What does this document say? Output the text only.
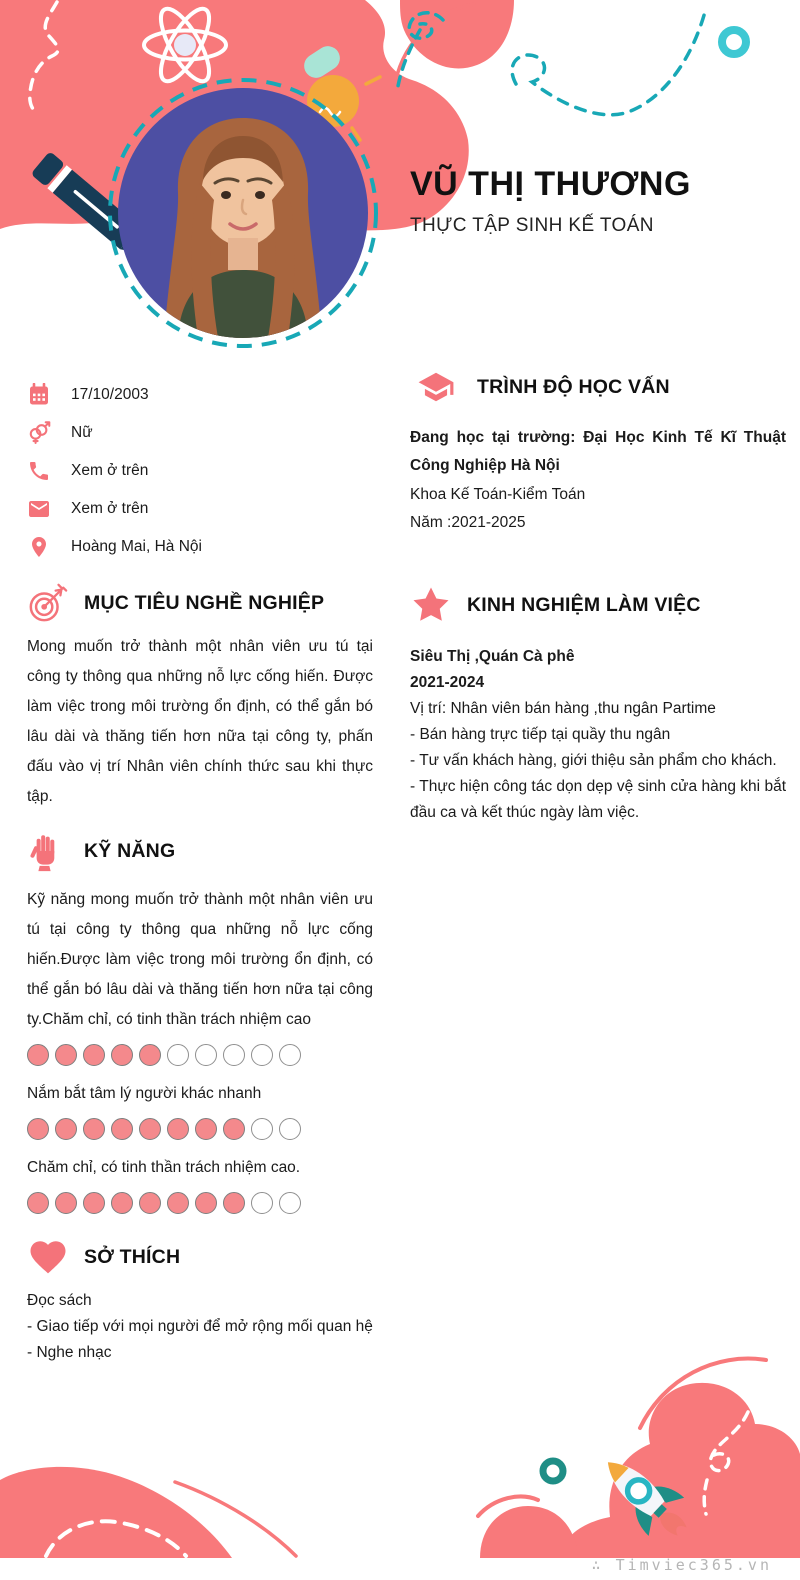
VŨ THỊ THƯƠNG
THỰC TẬP SINH KẾ TOÁN
17/10/2003
Nữ
Xem ở trên
Xem ở trên
Hoàng Mai, Hà Nội
MỤC TIÊU NGHỀ NGHIỆP

Mong muốn trở thành một nhân viên ưu tú tại công ty thông qua những nỗ lực cống hiến. Được làm việc trong môi trường ổn định, có thể gắn bó lâu dài và thăng tiến hơn nữa tại công ty, phấn đấu vào vị trí Nhân viên chính thức sau khi thực tập.

KỸ NĂNG

Kỹ năng mong muốn trở thành một nhân viên ưu tú tại công ty thông qua những nỗ lực cống hiến.Được làm việc trong môi trường ổn định, có thể gắn bó lâu dài và thăng tiến hơn nữa tại công ty.Chăm chỉ, có tinh thần trách nhiệm cao

Nắm bắt tâm lý người khác nhanh

Chăm chỉ, có tinh thần trách nhiệm cao.

SỞ THÍCH

Đọc sách

- Giao tiếp với mọi người để mở rộng mối quan hệ

- Nghe nhạc

TRÌNH ĐỘ HỌC VẤN

Đang học tại trường: Đại Học Kinh Tế Kĩ Thuật Công Nghiệp Hà Nội

Khoa Kế Toán-Kiểm Toán

Năm :2021-2025

KINH NGHIỆM LÀM VIỆC

Siêu Thị ,Quán Cà phê

2021-2024

Vị trí: Nhân viên bán hàng ,thu ngân Partime

- Bán hàng trực tiếp tại quầy thu ngân

- Tư vấn khách hàng, giới thiệu sản phẩm cho khách.

- Thực hiện công tác dọn dẹp vệ sinh cửa hàng khi bắt đầu ca và kết thúc ngày làm việc.

∴ Timviec365.vn
